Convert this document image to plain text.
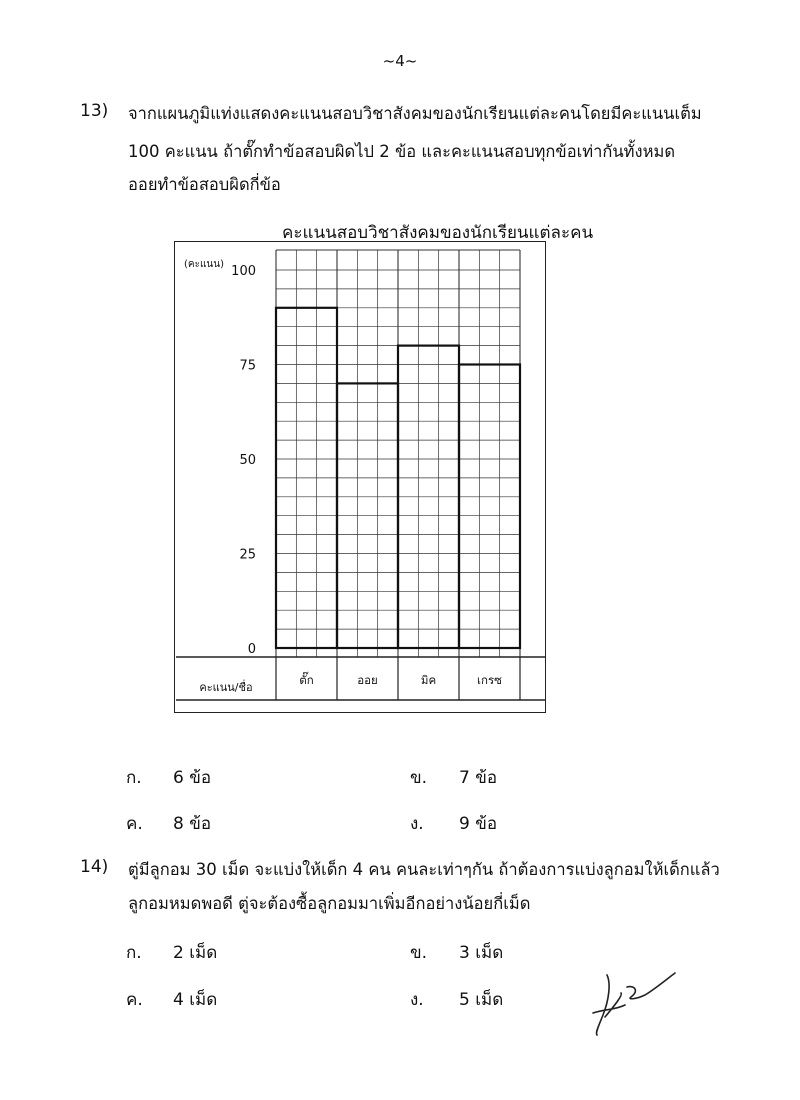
~4~
13) จากแผนภูมิแท่งแสดงคะแนนสอบวิชาสังคมของนักเรียนแต่ละคนโดยมีคะแนนเต็ม
100 คะแนน ถ้าตั๊กทำข้อสอบผิดไป 2 ข้อ และคะแนนสอบทุกข้อเท่ากันทั้งหมด
ออยทำข้อสอบผิดกี่ข้อ
คะแนนสอบวิชาสังคมของนักเรียนแต่ละคน
0
25
50
75
100
ตั๊ก	ออย	มิค	เกรซ
(คะแนน)
คะแนน/ชื่อ
ก. 6 ข้อ	ข. 7 ข้อ
ค. 8 ข้อ	ง. 9 ข้อ
14) ตู่มีลูกอม 30 เม็ด จะแบ่งให้เด็ก 4 คน คนละเท่าๆกัน ถ้าต้องการแบ่งลูกอมให้เด็กแล้ว
ลูกอมหมดพอดี ตู่จะต้องซื้อลูกอมมาเพิ่มอีกอย่างน้อยกี่เม็ด
ก. 2 เม็ด	ข. 3 เม็ด
ค. 4 เม็ด	ง. 5 เม็ด
